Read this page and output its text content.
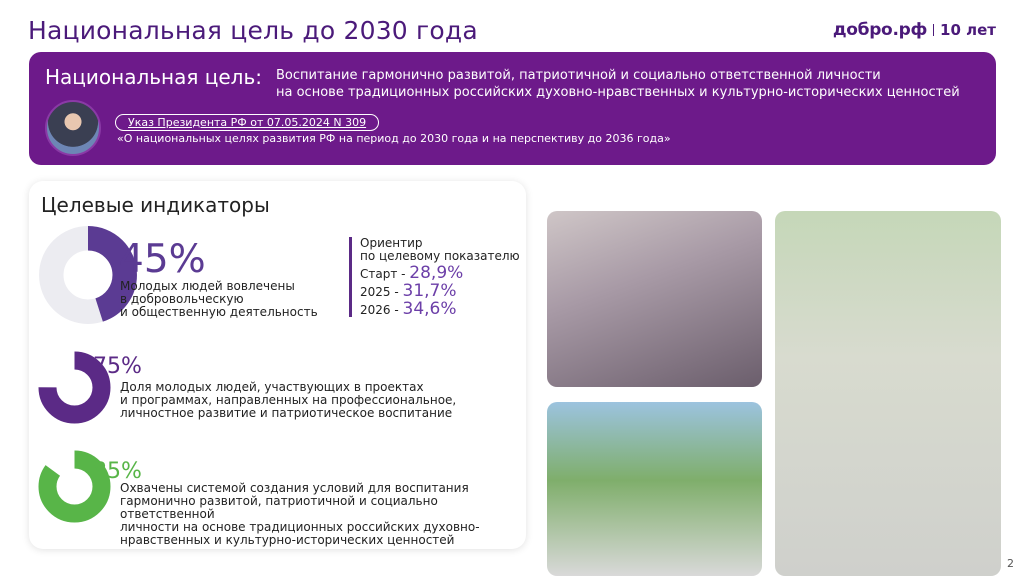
Национальная цель до 2030 года	добро.рф 10 лет
Национальная цель: Воспитание гармонично развитой, патриотичной и социально ответственной личности
на основе традиционных российских духовно-нравственных и культурно-исторических ценностей
Указ Президента РФ от 07.05.2024 N 309
«О национальных целях развития РФ на период до 2030 года и на перспективу до 2036 года»
Целевые индикаторы
45%
Молодых людей вовлечены
в добровольческую
и общественную деятельность
Ориентир
по целевому показателю
Старт - 28,9%
2025 - 31,7%
2026 - 34,6%
75%
Доля молодых людей, участвующих в проектах
и программах, направленных на профессиональное,
личностное развитие и патриотическое воспитание
85%
Охвачены системой создания условий для воспитания
гармонично развитой, патриотичной и социально ответственной
личности на основе традиционных российских духовно-
нравственных и культурно-исторических ценностей
2
